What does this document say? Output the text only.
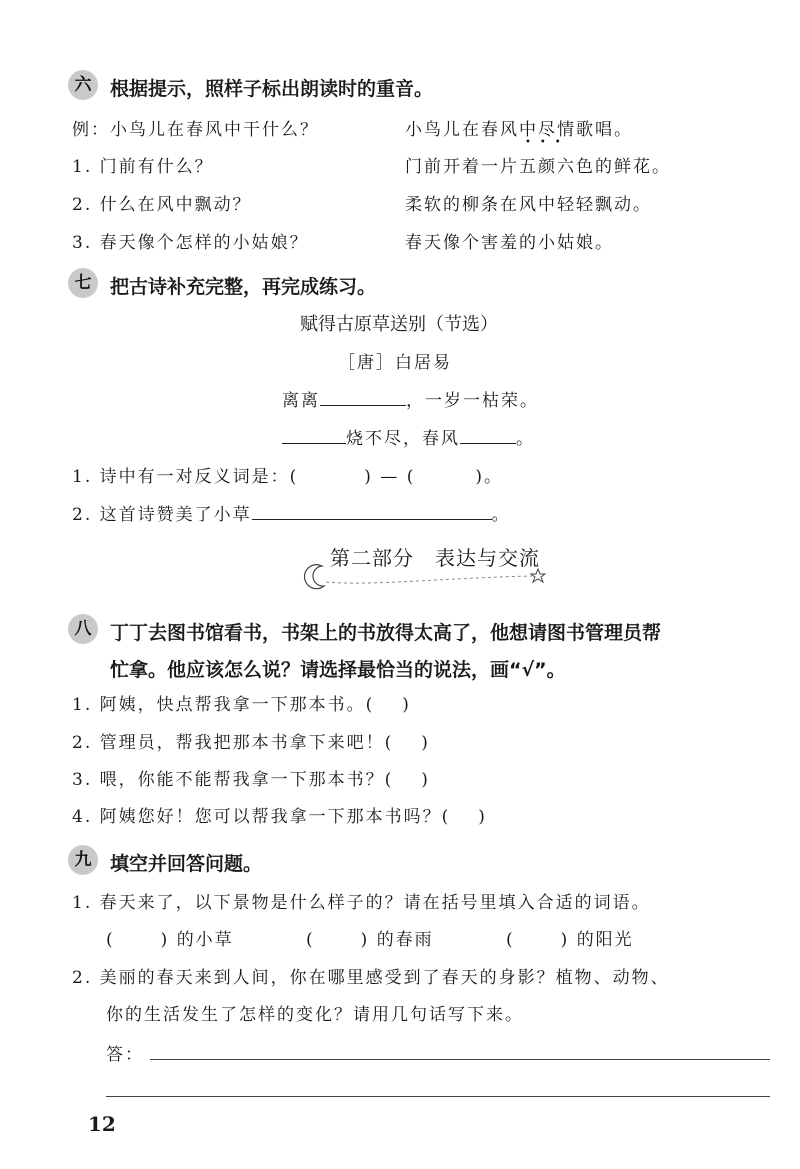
六 根据提示，照样子标出朗读时的重音。
例：小鸟儿在春风中干什么？	小鸟儿在春风中尽情歌唱。
•••
1. 门前有什么？	门前开着一片五颜六色的鲜花。
2. 什么在风中飘动？	柔软的柳条在风中轻轻飘动。
3. 春天像个怎样的小姑娘？	春天像个害羞的小姑娘。
七 把古诗补充完整，再完成练习。
赋得古原草送别（节选）
［唐］白居易
离离	，一岁一枯荣。
烧不尽，春风	。
1. 诗中有一对反义词是：(	) — (	)。
2. 这首诗赞美了小草	。
第二部分　表达与交流
八 丁丁去图书馆看书，书架上的书放得太高了，他想请图书管理员帮
忙拿。他应该怎么说？请选择最恰当的说法，画“√”。
1. 阿姨，快点帮我拿一下那本书。( )
2. 管理员，帮我把那本书拿下来吧！( )
3. 喂，你能不能帮我拿一下那本书？( )
4. 阿姨您好！您可以帮我拿一下那本书吗？( )
九 填空并回答问题。
1. 春天来了，以下景物是什么样子的？请在括号里填入合适的词语。
(	) 的小草	(	) 的春雨	(	) 的阳光
2. 美丽的春天来到人间，你在哪里感受到了春天的身影？植物、动物、
你的生活发生了怎样的变化？请用几句话写下来。
答：
12
